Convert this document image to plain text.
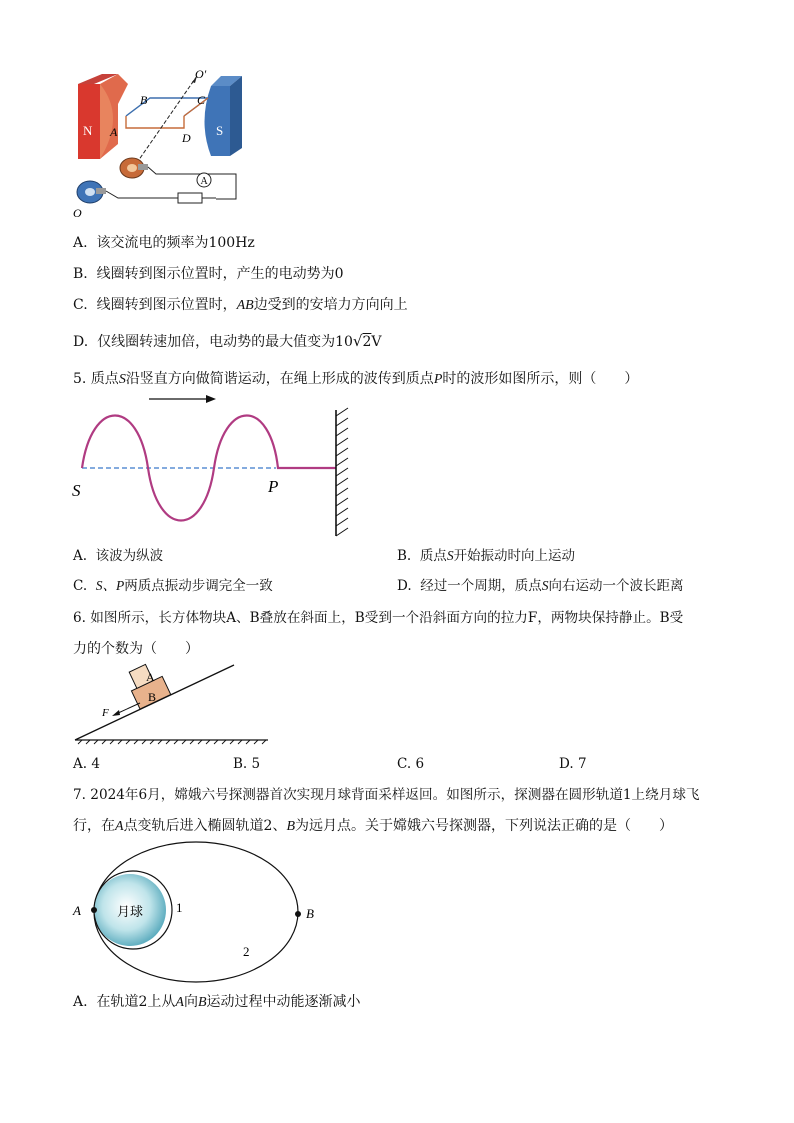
A
N	S
B	C
A	D
O'
O
A. 该交流电的频率为100Hz
B. 线圈转到图示位置时，产生的电动势为0
C. 线圈转到图示位置时，AB边受到的安培力方向向上
D. 仅线圈转速加倍，电动势的最大值变为10√2V
5. 质点S沿竖直方向做简谐运动，在绳上形成的波传到质点P时的波形如图所示，则（　　）
S	P
A. 该波为纵波	B. 质点S开始振动时向上运动
C. S、P两质点振动步调完全一致	D. 经过一个周期，质点S向右运动一个波长距离
6. 如图所示，长方体物块A、B叠放在斜面上，B受到一个沿斜面方向的拉力F，两物块保持静止。B受
力的个数为（　　）
A
B
F
A. 4	B. 5	C. 6	D. 7
7. 2024年6月，嫦娥六号探测器首次实现月球背面采样返回。如图所示，探测器在圆形轨道1上绕月球飞
行，在A点变轨后进入椭圆轨道2、B为远月点。关于嫦娥六号探测器，下列说法正确的是（　　）
A	月球	1	B
2
A. 在轨道2上从A向B运动过程中动能逐渐减小
